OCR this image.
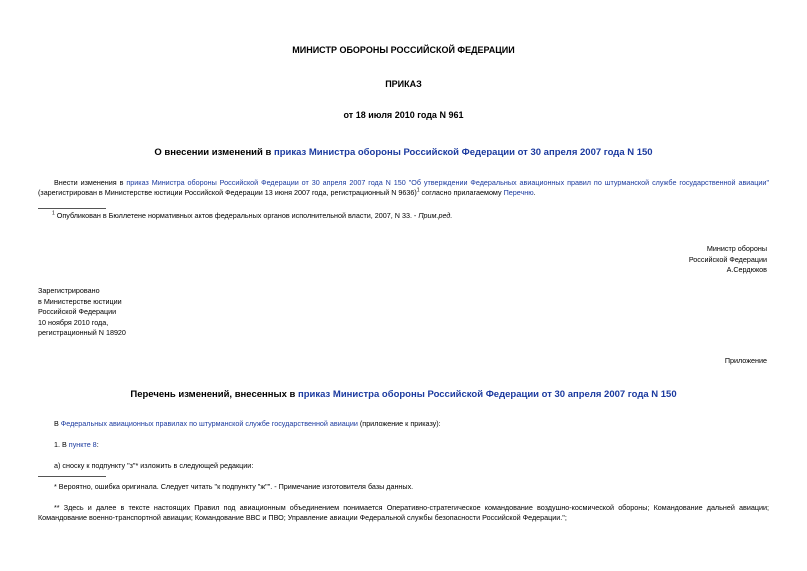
МИНИСТР ОБОРОНЫ РОССИЙСКОЙ ФЕДЕРАЦИИ
ПРИКАЗ
от 18 июля 2010 года N 961
О внесении изменений в приказ Министра обороны Российской Федерации от 30 апреля 2007 года N 150
Внести изменения в приказ Министра обороны Российской Федерации от 30 апреля 2007 года N 150 "Об утверждении Федеральных авиационных правил по штурманской службе государственной авиации" (зарегистрирован в Министерстве юстиции Российской Федерации 13 июня 2007 года, регистрационный N 9636)$^1$ согласно прилагаемому Перечню.
$^1$ Опубликован в Бюллетене нормативных актов федеральных органов исполнительной власти, 2007, N 33. - Прим.ред.
Министр обороны
Российской Федерации
А.Сердюков
Зарегистрировано
в Министерстве юстиции
Российской Федерации
10 ноября 2010 года,
регистрационный N 18920
Приложение
Перечень изменений, внесенных в приказ Министра обороны Российской Федерации от 30 апреля 2007 года N 150
В Федеральных авиационных правилах по штурманской службе государственной авиации (приложение к приказу):
1. В пункте 8:
а) сноску к подпункту "з"* изложить в следующей редакции:
* Вероятно, ошибка оригинала. Следует читать "к подпункту "ж"". - Примечание изготовителя базы данных.
** Здесь и далее в тексте настоящих Правил под авиационным объединением понимается Оперативно-стратегическое командование воздушно-космической обороны; Командование дальней авиации; Командование военно-транспортной авиации; Командование ВВС и ПВО; Управление авиации Федеральной службы безопасности Российской Федерации.";
